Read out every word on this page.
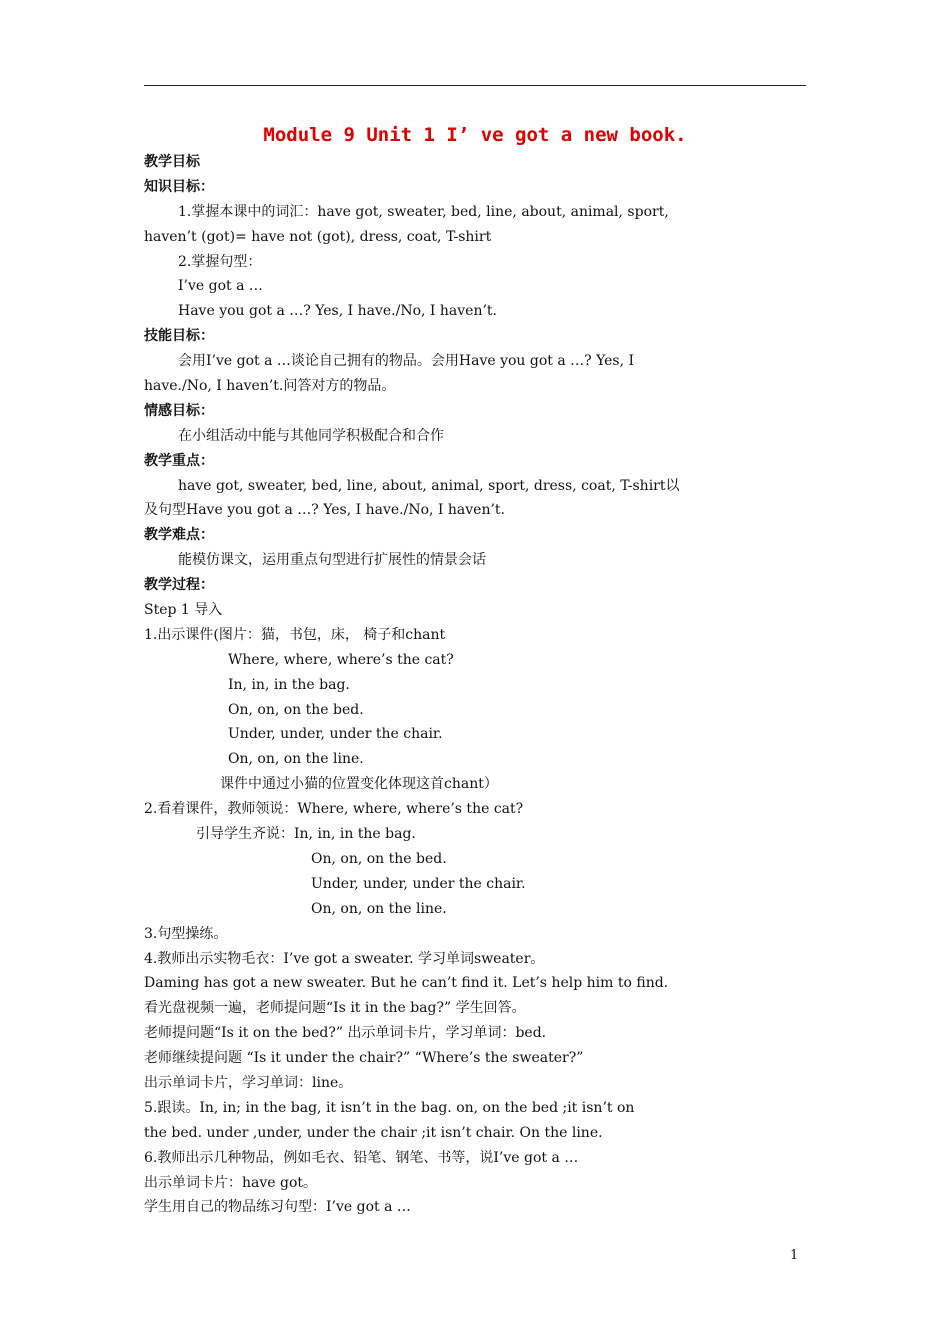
Module 9 Unit 1 I’ ve got a new book.
教学目标
知识目标：
1.掌握本课中的词汇：have got, sweater, bed, line, about, animal, sport,
haven’t (got)= have not (got), dress, coat, T-shirt
2.掌握句型：
I’ve got a …
Have you got a …? Yes, I have./No, I haven’t.
技能目标：
会用I’ve got a …谈论自己拥有的物品。会用Have you got a …? Yes, I
have./No, I haven’t.问答对方的物品。
情感目标：
在小组活动中能与其他同学积极配合和合作
教学重点：
have got, sweater, bed, line, about, animal, sport, dress, coat, T-shirt以
及句型Have you got a …? Yes, I have./No, I haven’t.
教学难点：
能模仿课文，运用重点句型进行扩展性的情景会话
教学过程：
Step 1 导入
1.出示课件(图片：猫，书包，床， 椅子和chant
Where, where, where’s the cat?
In, in, in the bag.
On, on, on the bed.
Under, under, under the chair.
On, on, on the line.
课件中通过小猫的位置变化体现这首chant）
2.看着课件，教师领说：Where, where, where’s the cat?
引导学生齐说：In, in, in the bag.
On, on, on the bed.
Under, under, under the chair.
On, on, on the line.
3.句型操练。
4.教师出示实物毛衣：I’ve got a sweater. 学习单词sweater。
Daming has got a new sweater. But he can’t find it. Let’s help him to find.
看光盘视频一遍，老师提问题“Is it in the bag?” 学生回答。
老师提问题“Is it on the bed?” 出示单词卡片，学习单词：bed.
老师继续提问题 “Is it under the chair?” “Where’s the sweater?”
出示单词卡片，学习单词：line。
5.跟读。In, in; in the bag, it isn’t in the bag. on, on the bed ;it isn’t on
the bed. under ,under, under the chair ;it isn’t chair. On the line.
6.教师出示几种物品，例如毛衣、铅笔、钢笔、书等，说I’ve got a …
出示单词卡片：have got。
学生用自己的物品练习句型：I’ve got a …
1
